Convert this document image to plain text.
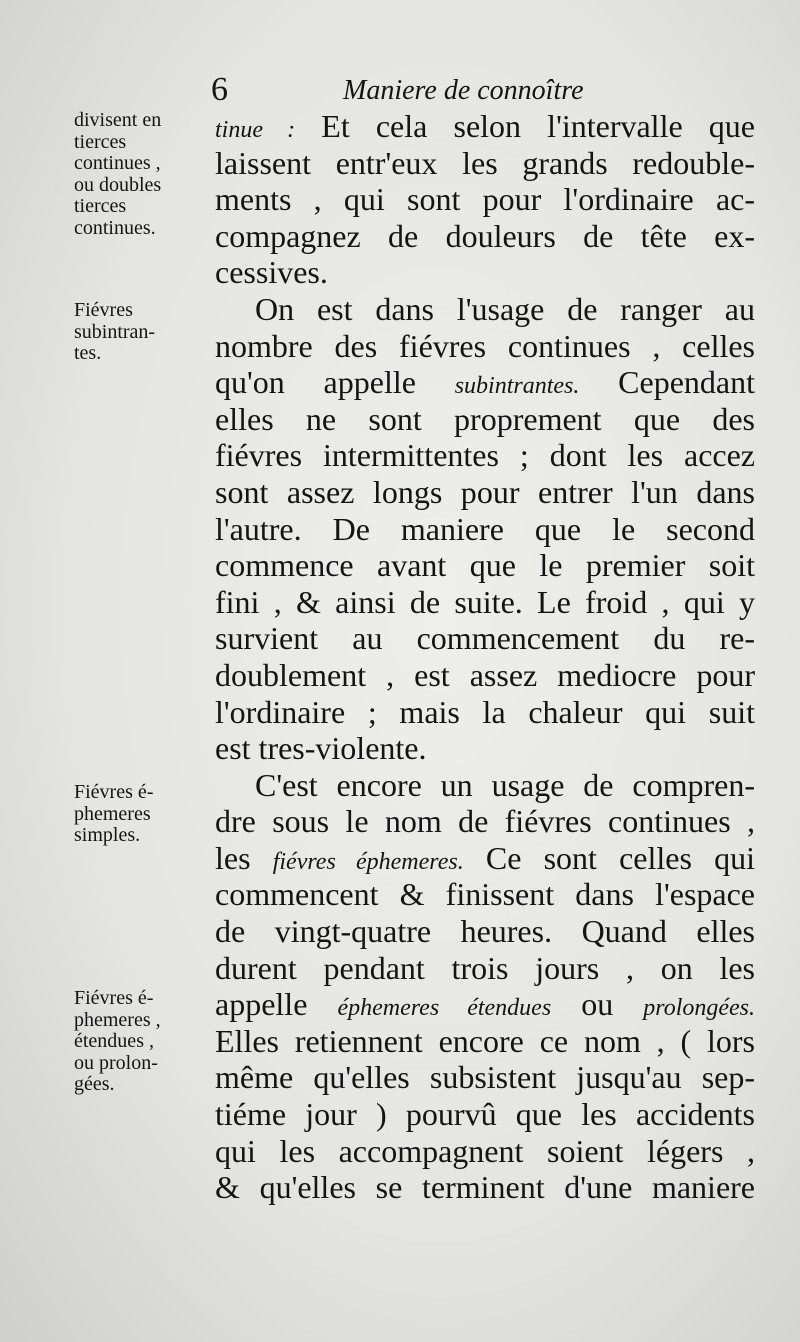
6	Maniere de connoître
divisent en
tierces
continues ,
ou doubles
tierces
continues.
Fiévres
subintran-
tes.
Fiévres é-
phemeres
simples.
Fiévres é-
phemeres ,
étendues ,
ou prolon-
gées.
tinue : Et cela selon l'intervalle que
laissent entr'eux les grands redouble-
ments , qui sont pour l'ordinaire ac-
compagnez de douleurs de tête ex-
cessives.
On est dans l'usage de ranger au
nombre des fiévres continues , celles
qu'on appelle subintrantes. Cependant
elles ne sont proprement que des
fiévres intermittentes ; dont les accez
sont assez longs pour entrer l'un dans
l'autre. De maniere que le second
commence avant que le premier soit
fini , & ainsi de suite. Le froid , qui y
survient au commencement du re-
doublement , est assez mediocre pour
l'ordinaire ; mais la chaleur qui suit
est tres-violente.
C'est encore un usage de compren-
dre sous le nom de fiévres continues ,
les fiévres éphemeres. Ce sont celles qui
commencent & finissent dans l'espace
de vingt-quatre heures. Quand elles
durent pendant trois jours , on les
appelle éphemeres étendues ou prolongées.
Elles retiennent encore ce nom , ( lors
même qu'elles subsistent jusqu'au sep-
tiéme jour ) pourvû que les accidents
qui les accompagnent soient légers ,
& qu'elles se terminent d'une maniere
